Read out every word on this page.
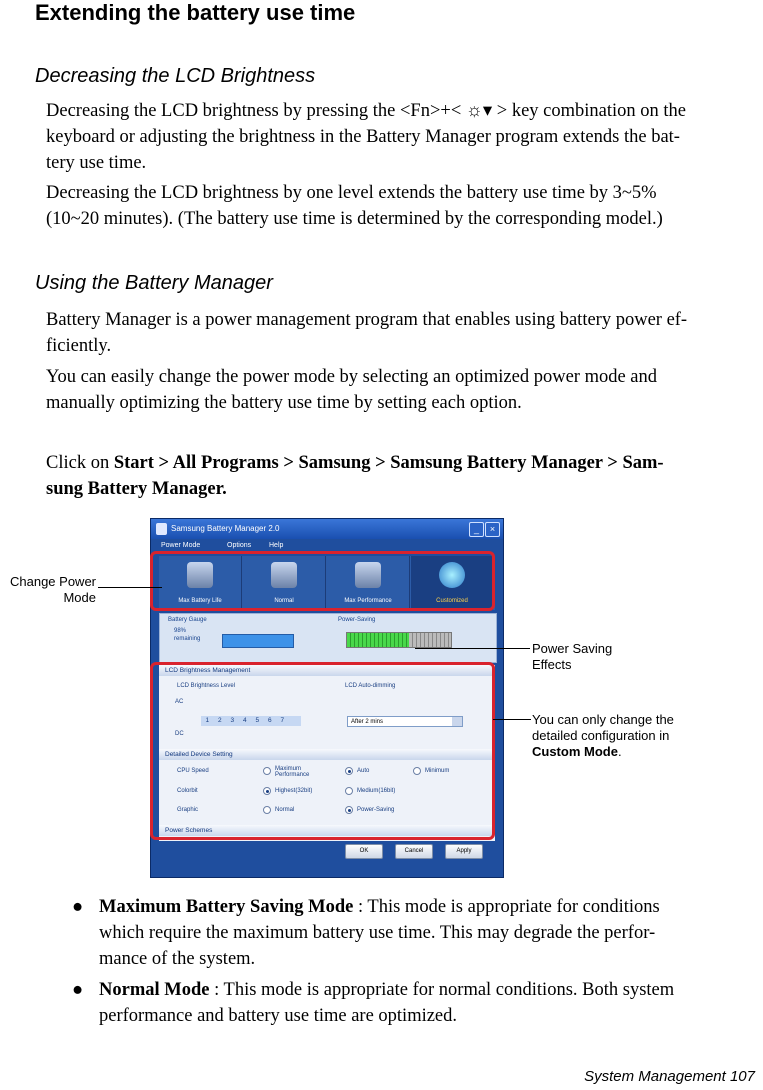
Extending the battery use time
Decreasing the LCD Brightness
Decreasing the LCD brightness by pressing the <Fn>+< ☼▾ > key combination on the
keyboard or adjusting the brightness in the Battery Manager program extends the bat-
tery use time.
Decreasing the LCD brightness by one level extends the battery use time by 3~5%
(10~20 minutes). (The battery use time is determined by the corresponding model.)
Using the Battery Manager
Battery Manager is a power management program that enables using battery power ef-
ficiently.
You can easily change the power mode by selecting an optimized power mode and
manually optimizing the battery use time by setting each option.
Click on Start > All Programs > Samsung > Samsung Battery Manager > Sam-
sung Battery Manager.
Samsung Battery Manager 2.0	_	×
Power Mode	Options	Help
Max Battery Life	Normal	Max Performance	Customized
Battery Gauge
98%
remaining
Power-Saving
LCD Brightness Management
LCD Brightness Level
AC
1 2 3 4 5 6 7
DC
LCD Auto-dimming
After 2 mins
Detailed Device Setting
CPU Speed	Maximum Performance
Auto	Minimum
Colorbit	Highest(32bit)	Medium(16bit)
Graphic	Normal	Power-Saving
Power Schemes
OK	Cancel	Apply
Change Power
Mode
Power Saving
Effects
You can only change the
detailed configuration in
Custom Mode.
● Maximum Battery Saving Mode : This mode is appropriate for conditions
which require the maximum battery use time. This may degrade the perfor-
mance of the system.
● Normal Mode : This mode is appropriate for normal conditions. Both system
performance and battery use time are optimized.
System Management 107
